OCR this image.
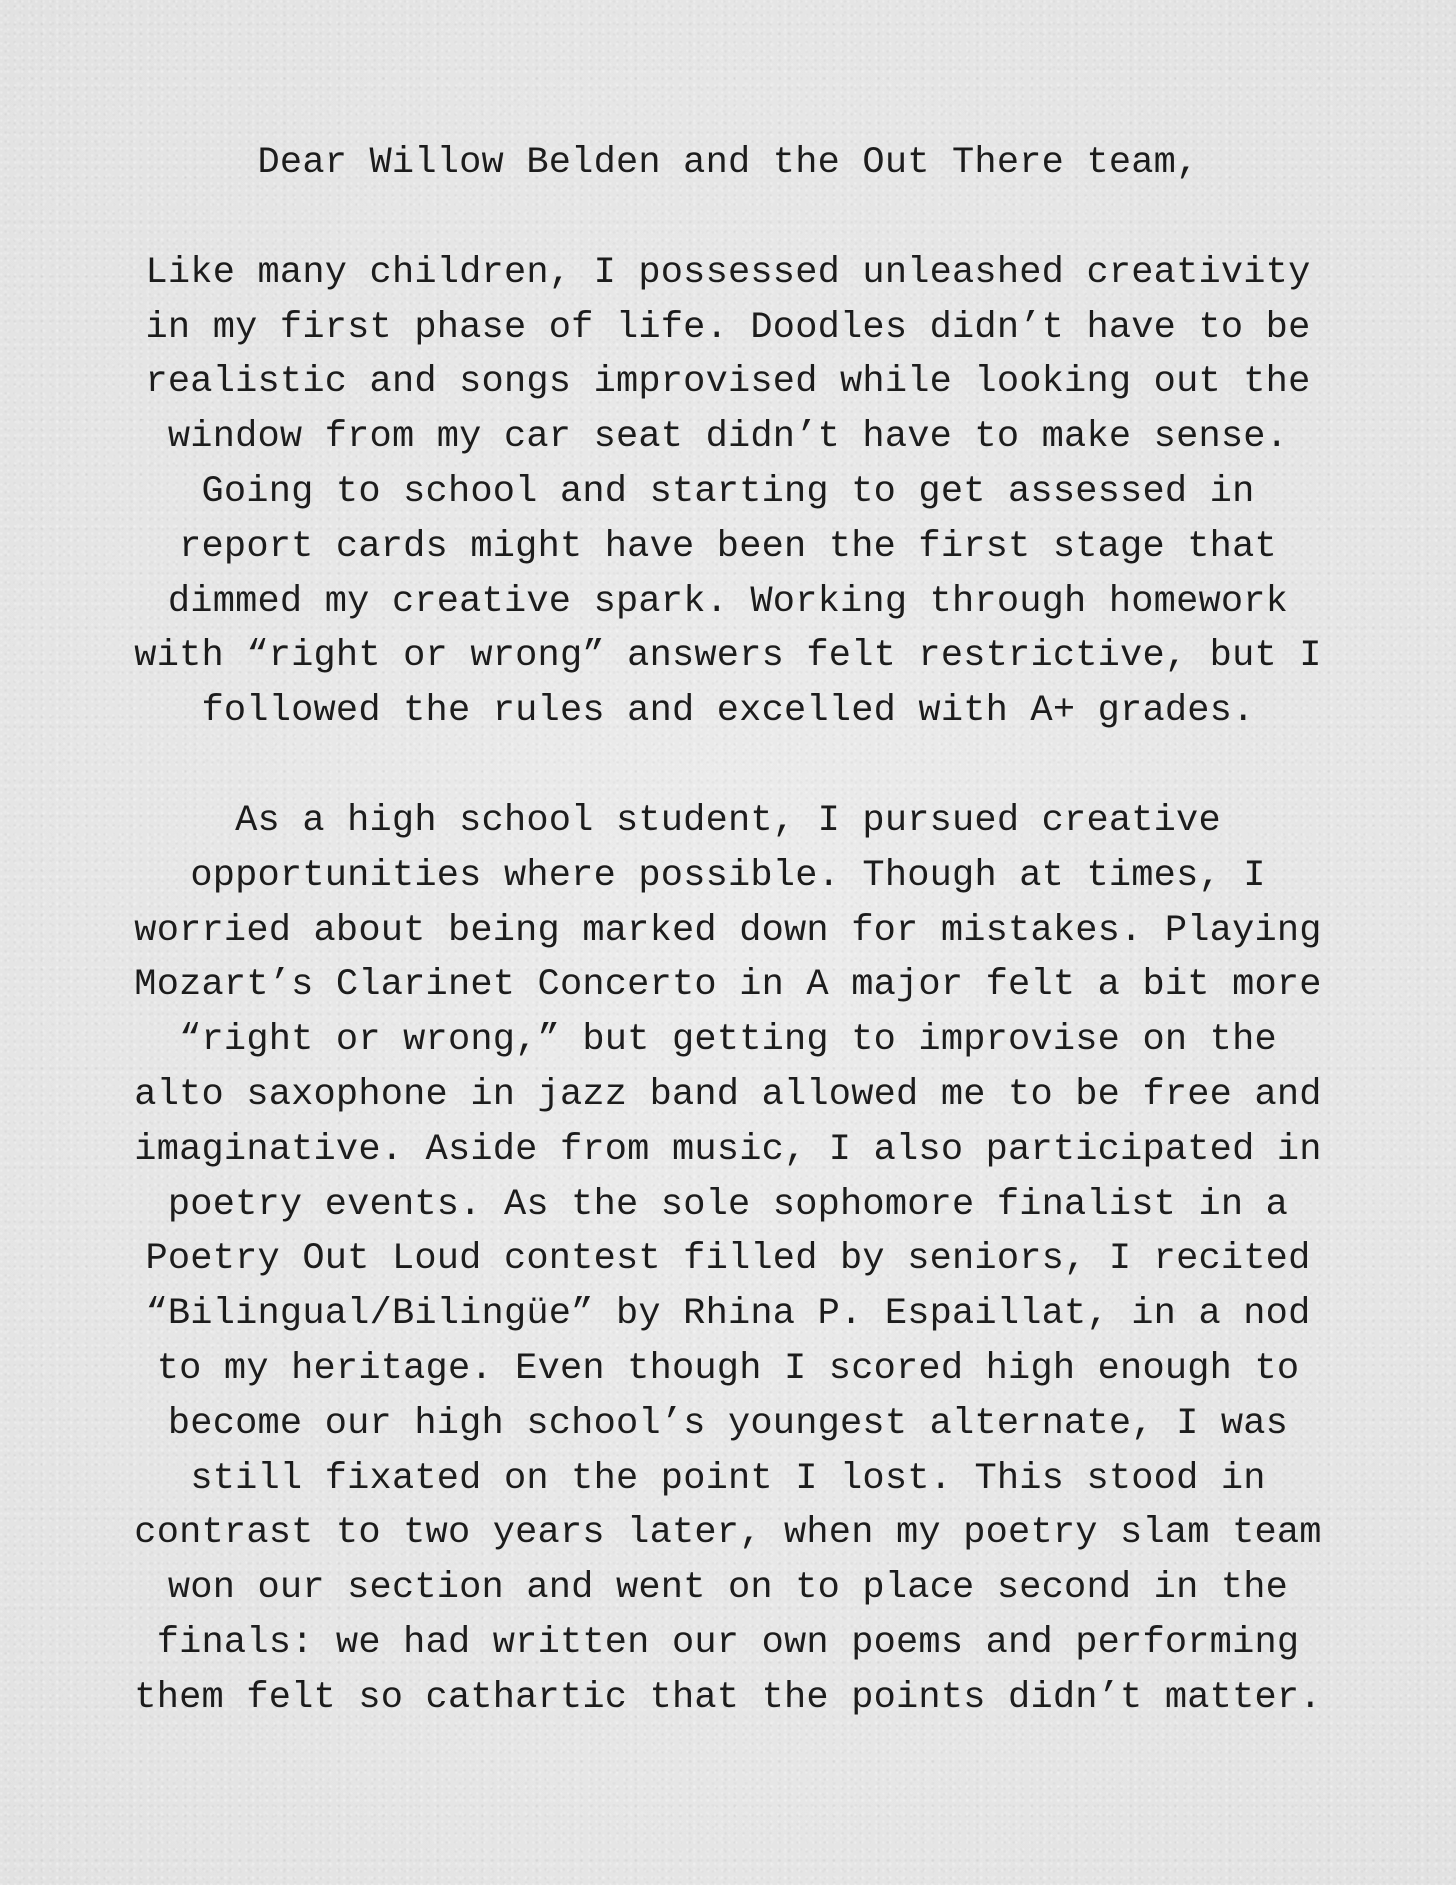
Dear Willow Belden and the Out There team,
Like many children, I possessed unleashed creativity
in my first phase of life. Doodles didn’t have to be
realistic and songs improvised while looking out the
window from my car seat didn’t have to make sense.
Going to school and starting to get assessed in
report cards might have been the first stage that
dimmed my creative spark. Working through homework
with “right or wrong” answers felt restrictive, but I
followed the rules and excelled with A+ grades.
As a high school student, I pursued creative
opportunities where possible. Though at times, I
worried about being marked down for mistakes. Playing
Mozart’s Clarinet Concerto in A major felt a bit more
“right or wrong,” but getting to improvise on the
alto saxophone in jazz band allowed me to be free and
imaginative. Aside from music, I also participated in
poetry events. As the sole sophomore finalist in a
Poetry Out Loud contest filled by seniors, I recited
“Bilingual/Bilingüe” by Rhina P. Espaillat, in a nod
to my heritage. Even though I scored high enough to
become our high school’s youngest alternate, I was
still fixated on the point I lost. This stood in
contrast to two years later, when my poetry slam team
won our section and went on to place second in the
finals: we had written our own poems and performing
them felt so cathartic that the points didn’t matter.
